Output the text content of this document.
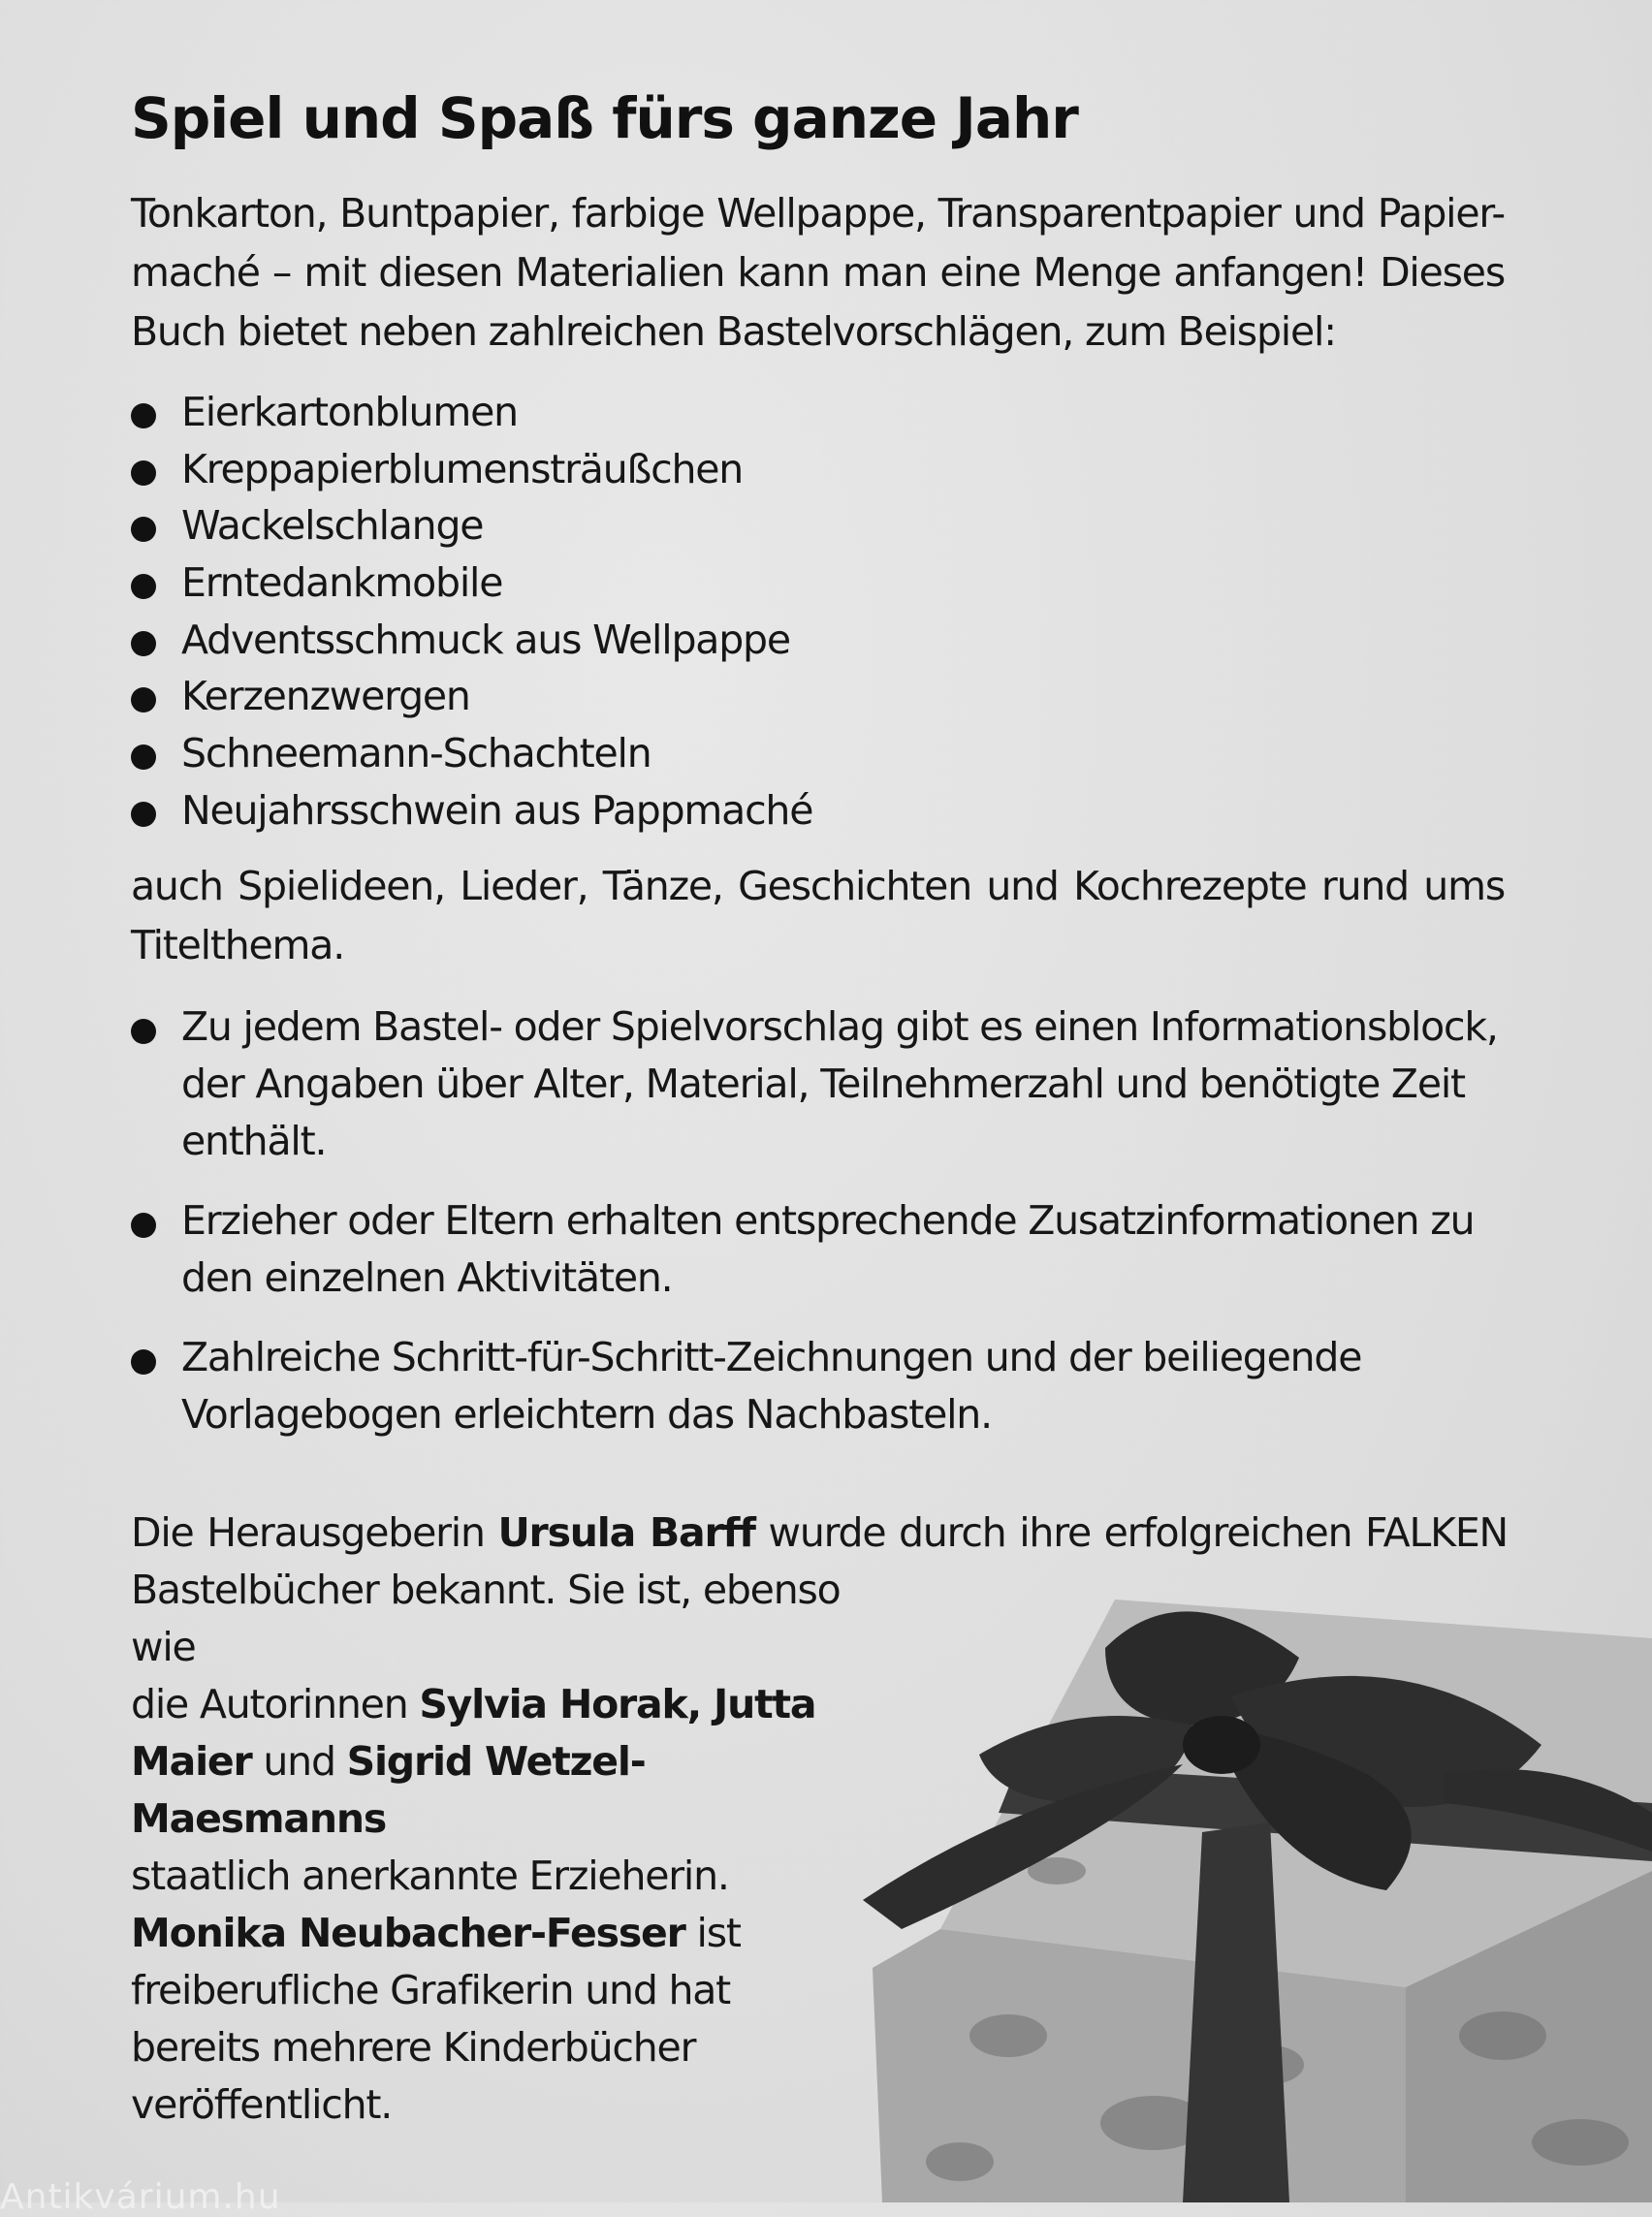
Spiel und Spaß fürs ganze Jahr

Tonkarton, Buntpapier, farbige Wellpappe, Transparentpapier und Papier-maché – mit diesen Materialien kann man eine Menge anfangen! Dieses Buch bietet neben zahlreichen Bastelvorschlägen, zum Beispiel:

Eierkartonblumen
Kreppapierblumensträußchen
Wackelschlange
Erntedankmobile
Adventsschmuck aus Wellpappe
Kerzenzwergen
Schneemann-Schachteln
Neujahrsschwein aus Pappmaché

auch Spielideen, Lieder, Tänze, Geschichten und Kochrezepte rund ums Titelthema.

Zu jedem Bastel- oder Spielvorschlag gibt es einen Informationsblock, der Angaben über Alter, Material, Teilnehmerzahl und benötigte Zeit enthält.
Erzieher oder Eltern erhalten entsprechende Zusatzinformationen zu den einzelnen Aktivitäten.
Zahlreiche Schritt-für-Schritt-Zeichnungen und der beiliegende Vorlagebogen erleichtern das Nachbasteln.

Die Herausgeberin Ursula Barff wurde durch ihre erfolgreichen FALKEN

Bastelbücher bekannt. Sie ist, ebenso wie
die Autorinnen Sylvia Horak, Jutta
Maier und Sigrid Wetzel-Maesmanns
staatlich anerkannte Erzieherin.
Monika Neubacher-Fesser ist
freiberufliche Grafikerin und hat
bereits mehrere Kinderbücher
veröffentlicht.
Antikvárium.hu
